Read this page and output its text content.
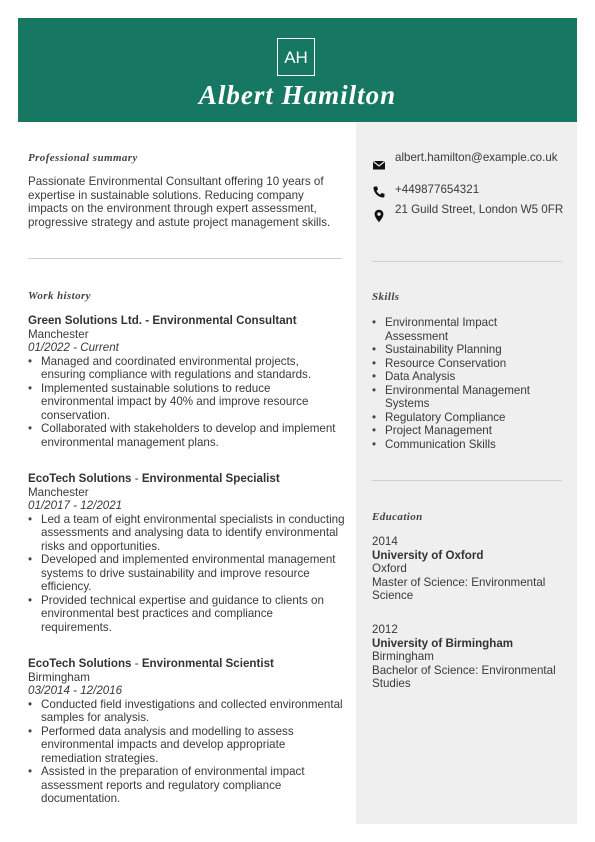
AH
Albert Hamilton
Professional summary
Passionate Environmental Consultant offering 10 years of expertise in sustainable solutions. Reducing company impacts on the environment through expert assessment, progressive strategy and astute project management skills.
albert.hamilton@example.co.uk
+449877654321
21 Guild Street, London W5 0FR
Work history
Green Solutions Ltd. - Environmental Consultant
Manchester
01/2022 - Current
• Managed and coordinated environmental projects, ensuring compliance with regulations and standards.
• Implemented sustainable solutions to reduce environmental impact by 40% and improve resource conservation.
• Collaborated with stakeholders to develop and implement environmental management plans.
EcoTech Solutions - Environmental Specialist
Manchester
01/2017 - 12/2021
• Led a team of eight environmental specialists in conducting assessments and analysing data to identify environmental risks and opportunities.
• Developed and implemented environmental management systems to drive sustainability and improve resource efficiency.
• Provided technical expertise and guidance to clients on environmental best practices and compliance requirements.
EcoTech Solutions - Environmental Scientist
Birmingham
03/2014 - 12/2016
• Conducted field investigations and collected environmental samples for analysis.
• Performed data analysis and modelling to assess environmental impacts and develop appropriate remediation strategies.
• Assisted in the preparation of environmental impact assessment reports and regulatory compliance documentation.
Skills
• Environmental Impact Assessment
• Sustainability Planning
• Resource Conservation
• Data Analysis
• Environmental Management Systems
• Regulatory Compliance
• Project Management
• Communication Skills
Education
2014
University of Oxford
Oxford
Master of Science: Environmental Science
2012
University of Birmingham
Birmingham
Bachelor of Science: Environmental Studies
